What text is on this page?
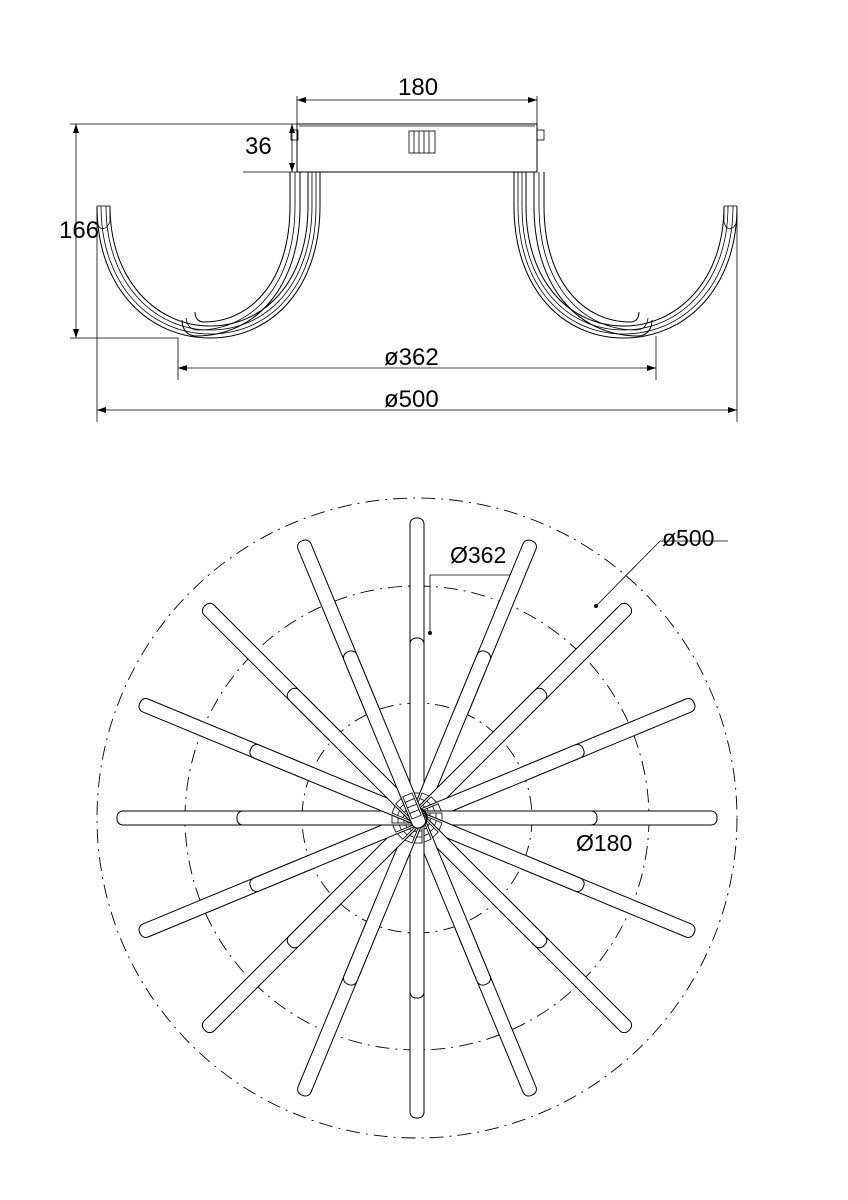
180
36
166
ø362
ø500
ø500
Ø362
Ø180
